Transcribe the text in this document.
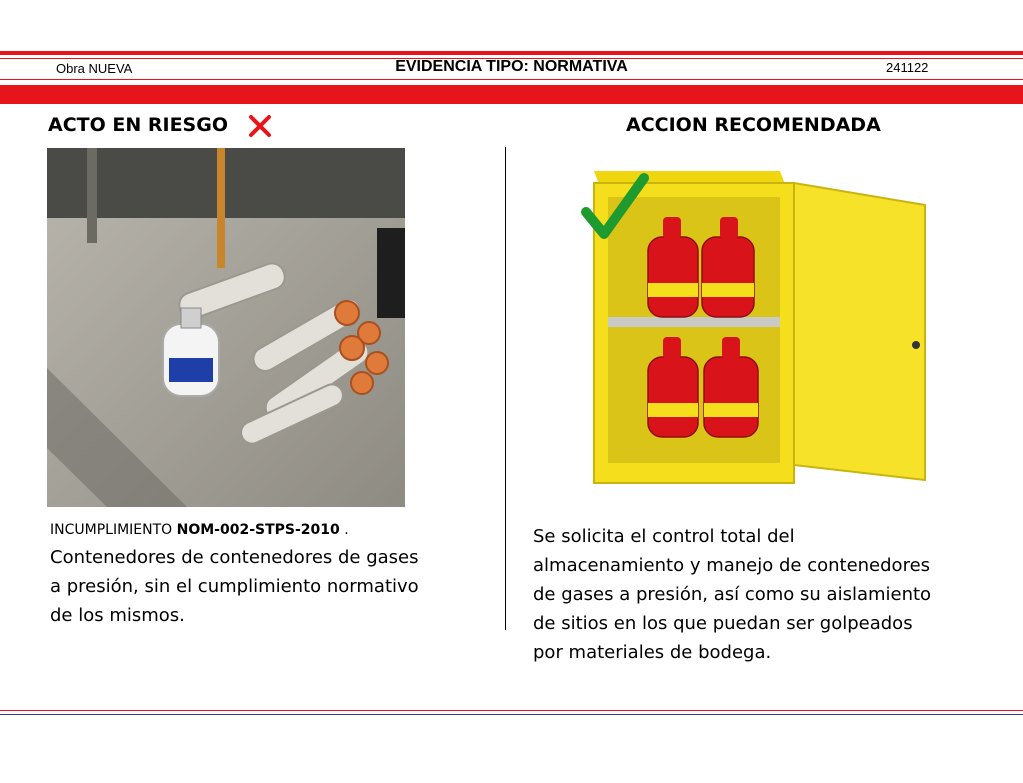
Obra NUEVA	EVIDENCIA TIPO: NORMATIVA	241122
ACTO EN RIESGO
INCUMPLIMIENTO NOM-002-STPS-2010 .
Contenedores de contenedores de gases
a presión, sin el cumplimiento normativo
de los mismos.
ACCION RECOMENDADA
Se solicita el control total del
almacenamiento y manejo de contenedores
de gases a presión, así como su aislamiento
de sitios en los que puedan ser golpeados
por materiales de bodega.
